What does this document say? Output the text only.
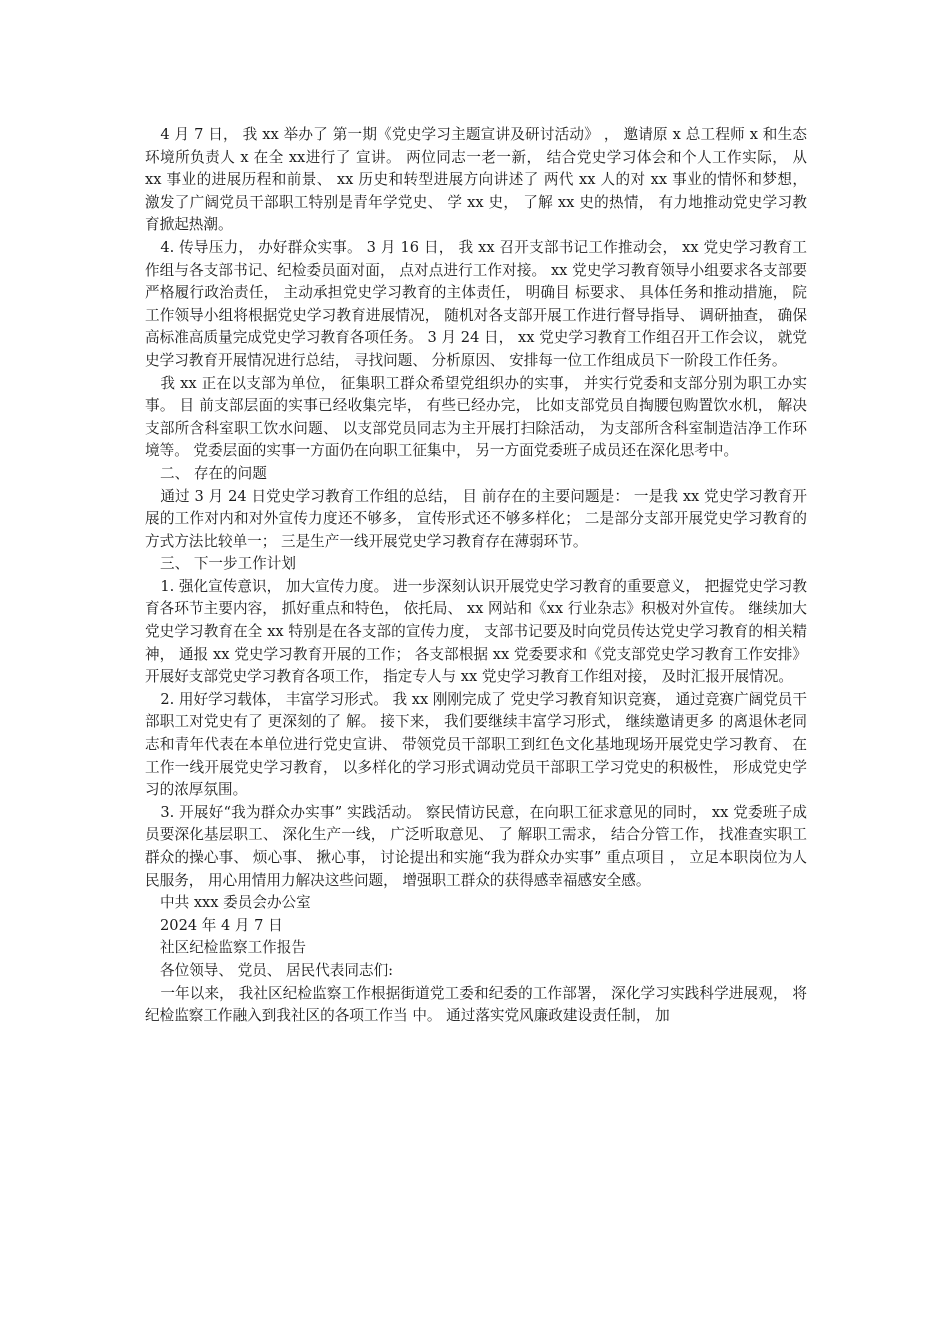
4 月 7 日， 我 xx 举办了 第一期《党史学习主题宣讲及研讨活动》 ， 邀请原 x 总工程师 x 和生态环境所负责人 x 在全 xx进行了 宣讲。 两位同志一老一新， 结合党史学习体会和个人工作实际， 从 xx 事业的进展历程和前景、 xx 历史和转型进展方向讲述了 两代 xx 人的对 xx 事业的情怀和梦想， 激发了广阔党员干部职工特别是青年学党史、 学 xx 史， 了解 xx 史的热情， 有力地推动党史学习教育掀起热潮。

4. 传导压力， 办好群众实事。 3 月 16 日， 我 xx 召开支部书记工作推动会， xx 党史学习教育工作组与各支部书记、纪检委员面对面， 点对点进行工作对接。 xx 党史学习教育领导小组要求各支部要严格履行政治责任， 主动承担党史学习教育的主体责任， 明确目 标要求、 具体任务和推动措施， 院工作领导小组将根据党史学习教育进展情况， 随机对各支部开展工作进行督导指导、 调研抽查， 确保高标准高质量完成党史学习教育各项任务。 3 月 24 日， xx 党史学习教育工作组召开工作会议， 就党史学习教育开展情况进行总结， 寻找问题、 分析原因、 安排每一位工作组成员下一阶段工作任务。

我 xx 正在以支部为单位， 征集职工群众希望党组织办的实事， 并实行党委和支部分别为职工办实事。 目 前支部层面的实事已经收集完毕， 有些已经办完， 比如支部党员自掏腰包购置饮水机， 解决支部所含科室职工饮水问题、 以支部党员同志为主开展打扫除活动， 为支部所含科室制造洁净工作环境等。 党委层面的实事一方面仍在向职工征集中， 另一方面党委班子成员还在深化思考中。

二、 存在的问题

通过 3 月 24 日党史学习教育工作组的总结， 目 前存在的主要问题是： 一是我 xx 党史学习教育开展的工作对内和对外宣传力度还不够多， 宣传形式还不够多样化； 二是部分支部开展党史学习教育的方式方法比较单一； 三是生产一线开展党史学习教育存在薄弱环节。

三、 下一步工作计划

1. 强化宣传意识， 加大宣传力度。 进一步深刻认识开展党史学习教育的重要意义， 把握党史学习教育各环节主要内容， 抓好重点和特色， 依托局、 xx 网站和《xx 行业杂志》积极对外宣传。 继续加大党史学习教育在全 xx 特别是在各支部的宣传力度， 支部书记要及时向党员传达党史学习教育的相关精神， 通报 xx 党史学习教育开展的工作； 各支部根据 xx 党委要求和《党支部党史学习教育工作安排》 开展好支部党史学习教育各项工作， 指定专人与 xx 党史学习教育工作组对接， 及时汇报开展情况。

2. 用好学习载体， 丰富学习形式。 我 xx 刚刚完成了 党史学习教育知识竞赛， 通过竞赛广阔党员干部职工对党史有了 更深刻的了 解。 接下来， 我们要继续丰富学习形式， 继续邀请更多 的离退休老同 志和青年代表在本单位进行党史宣讲、 带领党员干部职工到红色文化基地现场开展党史学习教育、 在工作一线开展党史学习教育， 以多样化的学习形式调动党员干部职工学习党史的积极性， 形成党史学习的浓厚氛围。

3. 开展好“我为群众办实事” 实践活动。 察民情访民意，在向职工征求意见的同时， xx 党委班子成员要深化基层职工、 深化生产一线， 广泛听取意见、 了 解职工需求， 结合分管工作， 找准查实职工群众的操心事、 烦心事、 揪心事， 讨论提出和实施“我为群众办实事” 重点项目 ， 立足本职岗位为人民服务， 用心用情用力解决这些问题， 增强职工群众的获得感幸福感安全感。

中共 xxx 委员会办公室

2024 年 4 月 7 日

社区纪检监察工作报告

各位领导、 党员、 居民代表同志们:

一年以来， 我社区纪检监察工作根据街道党工委和纪委的工作部署， 深化学习实践科学进展观， 将纪检监察工作融入到我社区的各项工作当 中。 通过落实党风廉政建设责任制， 加
